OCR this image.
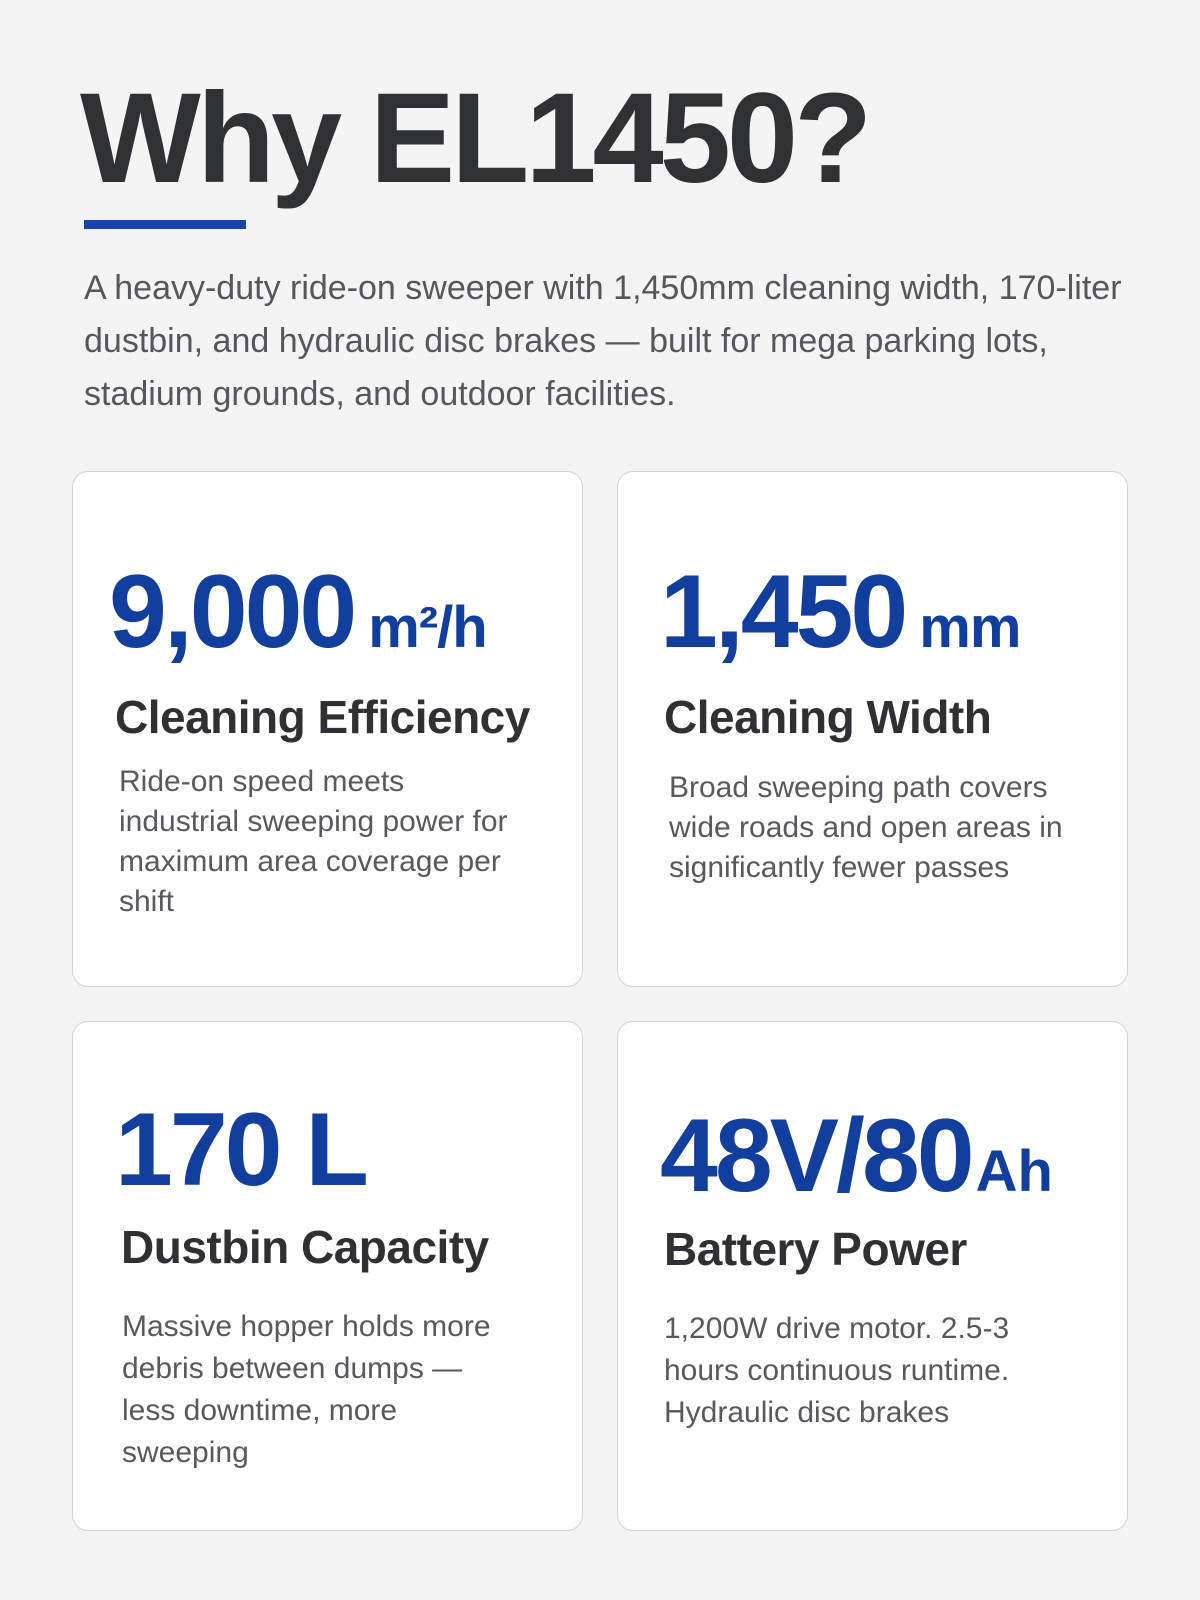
Why EL1450?

A heavy-duty ride-on sweeper with 1,450mm cleaning width, 170-liter dustbin, and hydraulic disc brakes — built for mega parking lots, stadium grounds, and outdoor facilities.

9,000 m²/h
Cleaning Efficiency
Ride-on speed meets industrial sweeping power for maximum area coverage per shift
1,450 mm
Cleaning Width
Broad sweeping path covers wide roads and open areas in significantly fewer passes
170 L
Dustbin Capacity
Massive hopper holds more debris between dumps — less downtime, more sweeping
48V/80Ah
Battery Power
1,200W drive motor. 2.5-3 hours continuous runtime. Hydraulic disc brakes
